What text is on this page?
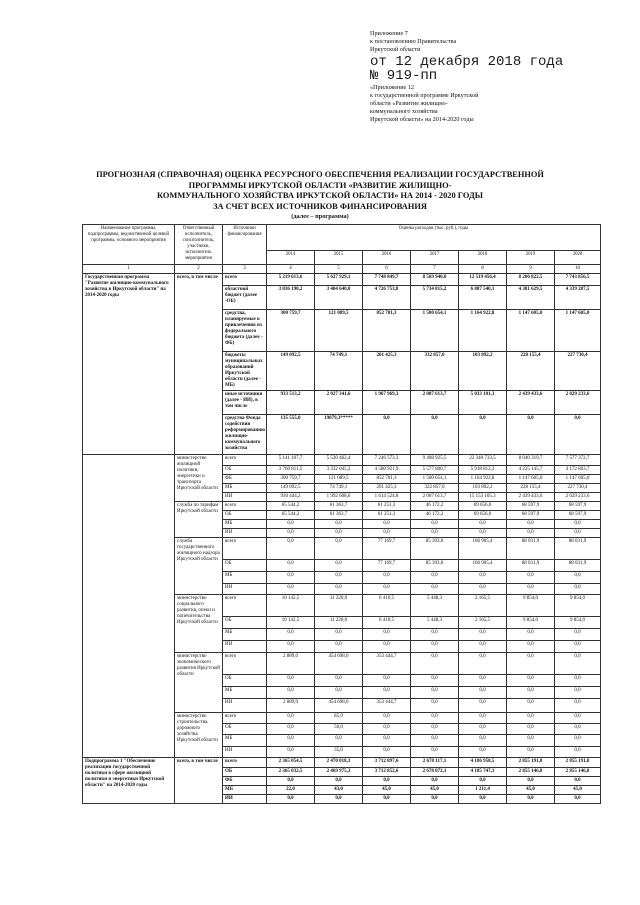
Приложение 7
к постановлению Правительства
Иркутской области
от 12 декабря 2018 года
№ 919-пп
«Приложение 12
к государственной программе Иркутской
области «Развитие жилищно-
коммунального хозяйства
Иркутской области» на 2014-2020 годы
ПРОГНОЗНАЯ (СПРАВОЧНАЯ) ОЦЕНКА РЕСУРСНОГО ОБЕСПЕЧЕНИЯ РЕАЛИЗАЦИИ ГОСУДАРСТВЕННОЙ
ПРОГРАММЫ ИРКУТСКОЙ ОБЛАСТИ «РАЗВИТИЕ ЖИЛИЩНО-
КОММУНАЛЬНОГО ХОЗЯЙСТВА ИРКУТСКОЙ ОБЛАСТИ» НА 2014 - 2020 ГОДЫ
ЗА СЧЕТ ВСЕХ ИСТОЧНИКОВ ФИНАНСИРОВАНИЯ
(далее – программа)
Наименование программы, подпрограммы, ведомственной целевой программы, основного мероприятия	Ответственный исполнитель, соисполнитель, участники, исполнитель мероприятия	Источники финансирования	Оценка расходов (тыс. руб.), годы						
			2014	2015	2016	2017	2018	2019	2020
1	2	3	4	5	6	7	8	9	10
Государственная программа "Развитие жилищно-коммунального хозяйства в Иркутской области" на 2014-2020 годы	всего, в том числе	всего	5 219 613,6	5 627 929,1	7 748 849,7	8 569 940,0	12 519 456,4	8 206 822,5	7 743 856,5
		областной бюджет (далее -ОБ)	3 836 190,2	3 404 640,0	4 726 753,8	5 734 815,2	6 887 540,1	4 381 629,5	4 339 287,5
		средства, планируемые к привлечению из федерального бюджета (далее - ФБ)	300 759,7	121 089,5	852 701,3	1 500 654,1	1 164 922,8	1 147 605,0	1 147 605,0
		бюджеты муниципальных образований Иркутской области (далее - МБ)	149 092,5	74 749,1	201 425,3	332 857,0	103 892,2	228 155,4	227 730,4
		иные источники (далее - ИИ), в том числе	933 513,2	2 027 341,6	1 967 969,3	2 007 613,7	5 033 101,3	2 439 433,6	2 029 233,6
		средства Фонда содействия реформированию жилищно-коммунального хозяйства	135 555,0	19079,3*****	0,0	0,0	0,0	0,0	0,0
	министерство жилищной политики, энергетики и транспорта Иркутской области	всего	5 141 107,7	5 520 462,4	7 246 573,3	9 408 925,5	22 340 733,5	8 040 319,7	7 577 372,7
		ОБ	3 760 811,5	3 332 045,2	4 580 921,9	5 577 800,7	5 918 812,2	4 225 145,7	4 172 803,7
		ФБ	300 759,7	121 089,5	852 701,3	1 500 654,1	1 164 922,8	1 147 605,0	1 147 605,0
		МБ	149 092,5	74 749,1	201 425,3	322 857,0	103 892,2	228 155,4	227 730,4
		ИИ	930 444,2	1 992 608,6	1 614 524,8	2 007 613,7	15 153 105,3	2 439 433,6	2 029 233,6
	служба по тарифам Иркутской области	всего	65 544,2	61 363,7	61 251,3	46 172,2	69 656,0	68 597,9	68 597,9
		ОБ	65 544,2	61 363,7	61 251,3	46 172,2	69 656,0	68 597,9	68 597,9
		МБ	0,0	0,0	0,0	0,0	0,0	0,0	0,0
		ИИ	0,0	0,0	0,0	0,0	0,0	0,0	0,0
	служба государственного жилищного надзора Иркутской области	всего	0,0	0,0	77 169,7	85 393,0	106 905,4	88 031,9	88 031,9
		ОБ	0,0	0,0	77 169,7	85 393,0	106 905,4	88 031,9	88 031,9
		МБ	0,0	0,0	0,0	0,0	0,0	0,0	0,0
		ИИ	0,0	0,0	0,0	0,0	0,0	0,0	0,0
	министерство социального развития, опеки и попечительства Иркутской области	всего	10 142,5	11 220,0	6 410,5	5 448,3	2 165,5	9 854,0	9 854,0
		ОБ	10 142,5	11 220,0	6 410,5	5 448,3	2 165,5	9 854,0	9 854,0
		МБ	0,0	0,0	0,0	0,0	0,0	0,0	0,0
		ИИ	0,0	0,0	0,0	0,0	0,0	0,0	0,0
	министерство экономического развития Иркутской области	всего	2 889,0	454 698,0	353 444,7	0,0	0,0	0,0	0,0
		ОБ	0,0	0,0	0,0	0,0	0,0	0,0	0,0
		МБ	0,0	0,0	0,0	0,0	0,0	0,0	0,0
		ИИ	2 889,0	454 698,0	353 444,7	0,0	0,0	0,0	0,0
	министерство строительства, дорожного хозяйства Иркутской области	всего	0,0	85,0	0,0	0,0	0,0	0,0	0,0
		ОБ	0,0	50,0	0,0	0,0	0,0	0,0	0,0
		МБ	0,0	0,0	0,0	0,0	0,0	0,0	0,0
		ИИ	0,0	35,0	0,0	0,0	0,0	0,0	0,0
Подпрограмма 1 "Обеспечение реализации государственной политики в сфере жилищной политики и энергетики Иркутской области" на 2014-2020 годы	всего, в том числе	всего	2 365 054,5	2 470 018,3	3 712 897,6	2 678 117,1	4 186 958,5	2 855 191,8	2 855 191,8
		ОБ	2 365 032,5	2 469 975,3	3 712 852,6	2 678 072,1	4 185 747,1	2 855 146,8	2 855 146,8
		ФБ	0,0	0,0	0,0	0,0	0,0	0,0	0,0
		МБ	22,0	43,0	45,0	45,0	1 211,4	45,0	45,0
		ИИ	0,0	0,0	0,0	0,0	0,0	0,0	0,0
